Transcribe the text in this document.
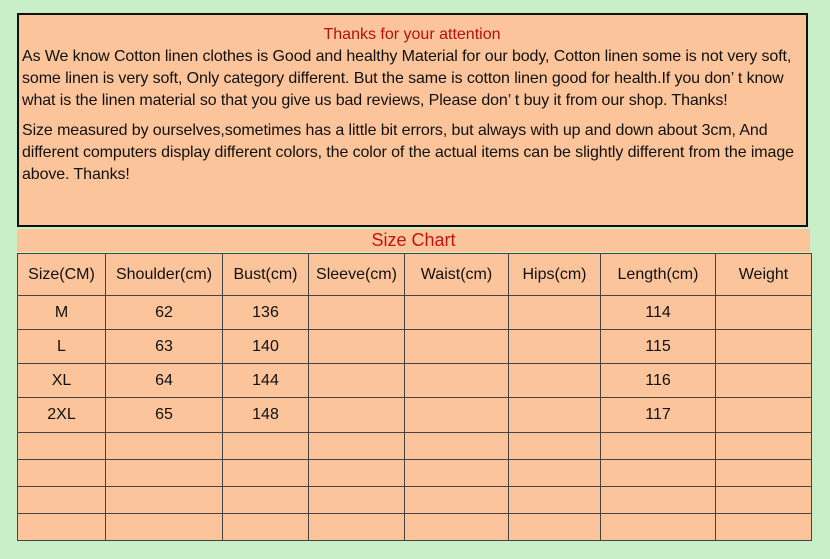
Thanks for your attention

As We know Cotton linen clothes is Good and healthy Material for our body, Cotton linen some is not very soft, some linen is very soft, Only category different. But the same is cotton linen good for health.If you don’ t know what is the linen material so that you give us bad reviews, Please don’ t buy it from our shop. Thanks!

Size measured by ourselves,sometimes has a little bit errors, but always with up and down about 3cm, And different computers display different colors, the color of the actual items can be slightly different from the image above. Thanks!

Size Chart
Size(CM)	Shoulder(cm)	Bust(cm)	Sleeve(cm)	Waist(cm)	Hips(cm)	Length(cm)	Weight
M	62	136				114	
L	63	140				115	
XL	64	144				116	
2XL	65	148				117	
